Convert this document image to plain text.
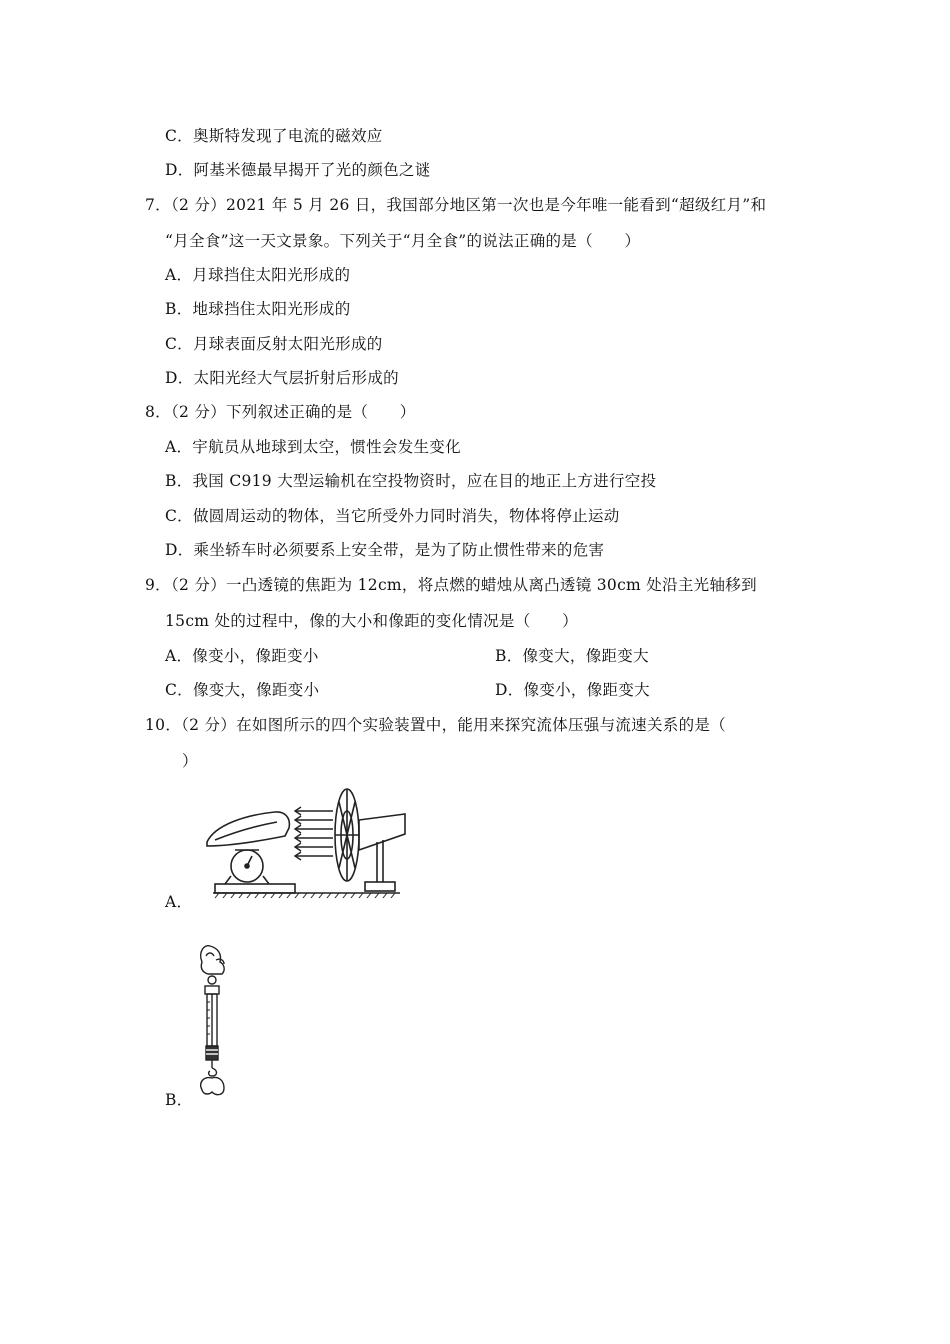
C．奥斯特发现了电流的磁效应
D．阿基米德最早揭开了光的颜色之谜
7．（2 分）2021 年 5 月 26 日，我国部分地区第一次也是今年唯一能看到“超级红月”和
“月全食”这一天文景象。下列关于“月全食”的说法正确的是（　　）
A．月球挡住太阳光形成的
B．地球挡住太阳光形成的
C．月球表面反射太阳光形成的
D．太阳光经大气层折射后形成的
8．（2 分）下列叙述正确的是（　　）
A．宇航员从地球到太空，惯性会发生变化
B．我国 C919 大型运输机在空投物资时，应在目的地正上方进行空投
C．做圆周运动的物体，当它所受外力同时消失，物体将停止运动
D．乘坐轿车时必须要系上安全带，是为了防止惯性带来的危害
9．（2 分）一凸透镜的焦距为 12cm，将点燃的蜡烛从离凸透镜 30cm 处沿主光轴移到
15cm 处的过程中，像的大小和像距的变化情况是（　　）
A．像变小，像距变小	B．像变大，像距变大
C．像变大，像距变小	D．像变小，像距变大
10．（2 分）在如图所示的四个实验装置中，能用来探究流体压强与流速关系的是（
）
A．
B．
